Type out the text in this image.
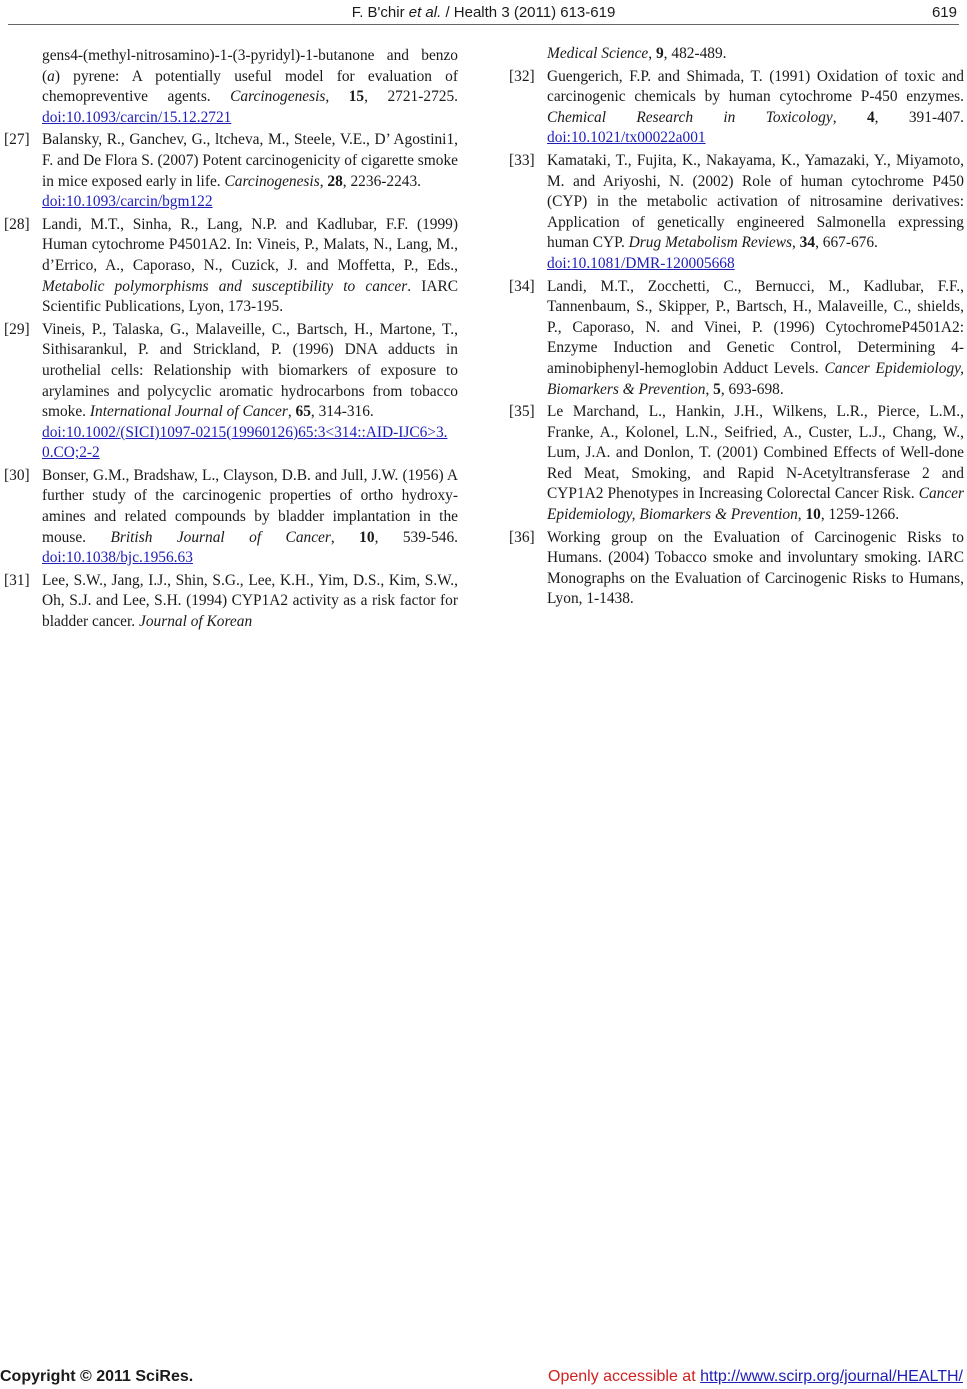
F. B'chir et al. / Health 3 (2011) 613-619	619
gens4-(methyl-nitrosamino)-1-(3-pyridyl)-1-butanone and benzo (a) pyrene: A potentially useful model for evaluation of chemopreventive agents. Carcinogenesis, 15, 2721-2725. doi:10.1093/carcin/15.12.2721
[27] Balansky, R., Ganchev, G., ltcheva, M., Steele, V.E., D’ Agostini1, F. and De Flora S. (2007) Potent carcinogenicity of cigarette smoke in mice exposed early in life. Carcinogenesis, 28, 2236-2243.
doi:10.1093/carcin/bgm122
[28] Landi, M.T., Sinha, R., Lang, N.P. and Kadlubar, F.F. (1999) Human cytochrome P4501A2. In: Vineis, P., Malats, N., Lang, M., d’Errico, A., Caporaso, N., Cuzick, J. and Moffetta, P., Eds., Metabolic polymorphisms and susceptibility to cancer. IARC Scientific Publications, Lyon, 173-195.
[29] Vineis, P., Talaska, G., Malaveille, C., Bartsch, H., Martone, T., Sithisarankul, P. and Strickland, P. (1996) DNA adducts in urothelial cells: Relationship with biomarkers of exposure to arylamines and polycyclic aromatic hydrocarbons from tobacco smoke. International Journal of Cancer, 65, 314-316.
doi:10.1002/(SICI)1097-0215(19960126)65:3<314::AID-IJC6>3.0.CO;2-2
[30] Bonser, G.M., Bradshaw, L., Clayson, D.B. and Jull, J.W. (1956) A further study of the carcinogenic properties of ortho hydroxy-amines and related compounds by bladder implantation in the mouse. British Journal of Cancer, 10, 539-546. doi:10.1038/bjc.1956.63
[31] Lee, S.W., Jang, I.J., Shin, S.G., Lee, K.H., Yim, D.S., Kim, S.W., Oh, S.J. and Lee, S.H. (1994) CYP1A2 activity as a risk factor for bladder cancer. Journal of Korean
Medical Science, 9, 482-489.
[32] Guengerich, F.P. and Shimada, T. (1991) Oxidation of toxic and carcinogenic chemicals by human cytochrome P-450 enzymes. Chemical Research in Toxicology, 4, 391-407. doi:10.1021/tx00022a001
[33] Kamataki, T., Fujita, K., Nakayama, K., Yamazaki, Y., Miyamoto, M. and Ariyoshi, N. (2002) Role of human cytochrome P450 (CYP) in the metabolic activation of nitrosamine derivatives: Application of genetically engineered Salmonella expressing human CYP. Drug Metabolism Reviews, 34, 667-676.
doi:10.1081/DMR-120005668
[34] Landi, M.T., Zocchetti, C., Bernucci, M., Kadlubar, F.F., Tannenbaum, S., Skipper, P., Bartsch, H., Malaveille, C., shields, P., Caporaso, N. and Vinei, P. (1996) CytochromeP4501A2: Enzyme Induction and Genetic Control, Determining 4-aminobiphenyl-hemoglobin Adduct Levels. Cancer Epidemiology, Biomarkers & Prevention, 5, 693-698.
[35] Le Marchand, L., Hankin, J.H., Wilkens, L.R., Pierce, L.M., Franke, A., Kolonel, L.N., Seifried, A., Custer, L.J., Chang, W., Lum, J.A. and Donlon, T. (2001) Combined Effects of Well-done Red Meat, Smoking, and Rapid N-Acetyltransferase 2 and CYP1A2 Phenotypes in Increasing Colorectal Cancer Risk. Cancer Epidemiology, Biomarkers & Prevention, 10, 1259-1266.
[36] Working group on the Evaluation of Carcinogenic Risks to Humans. (2004) Tobacco smoke and involuntary smoking. IARC Monographs on the Evaluation of Carcinogenic Risks to Humans, Lyon, 1-1438.
Copyright © 2011 SciRes.	Openly accessible at http://www.scirp.org/journal/HEALTH/
